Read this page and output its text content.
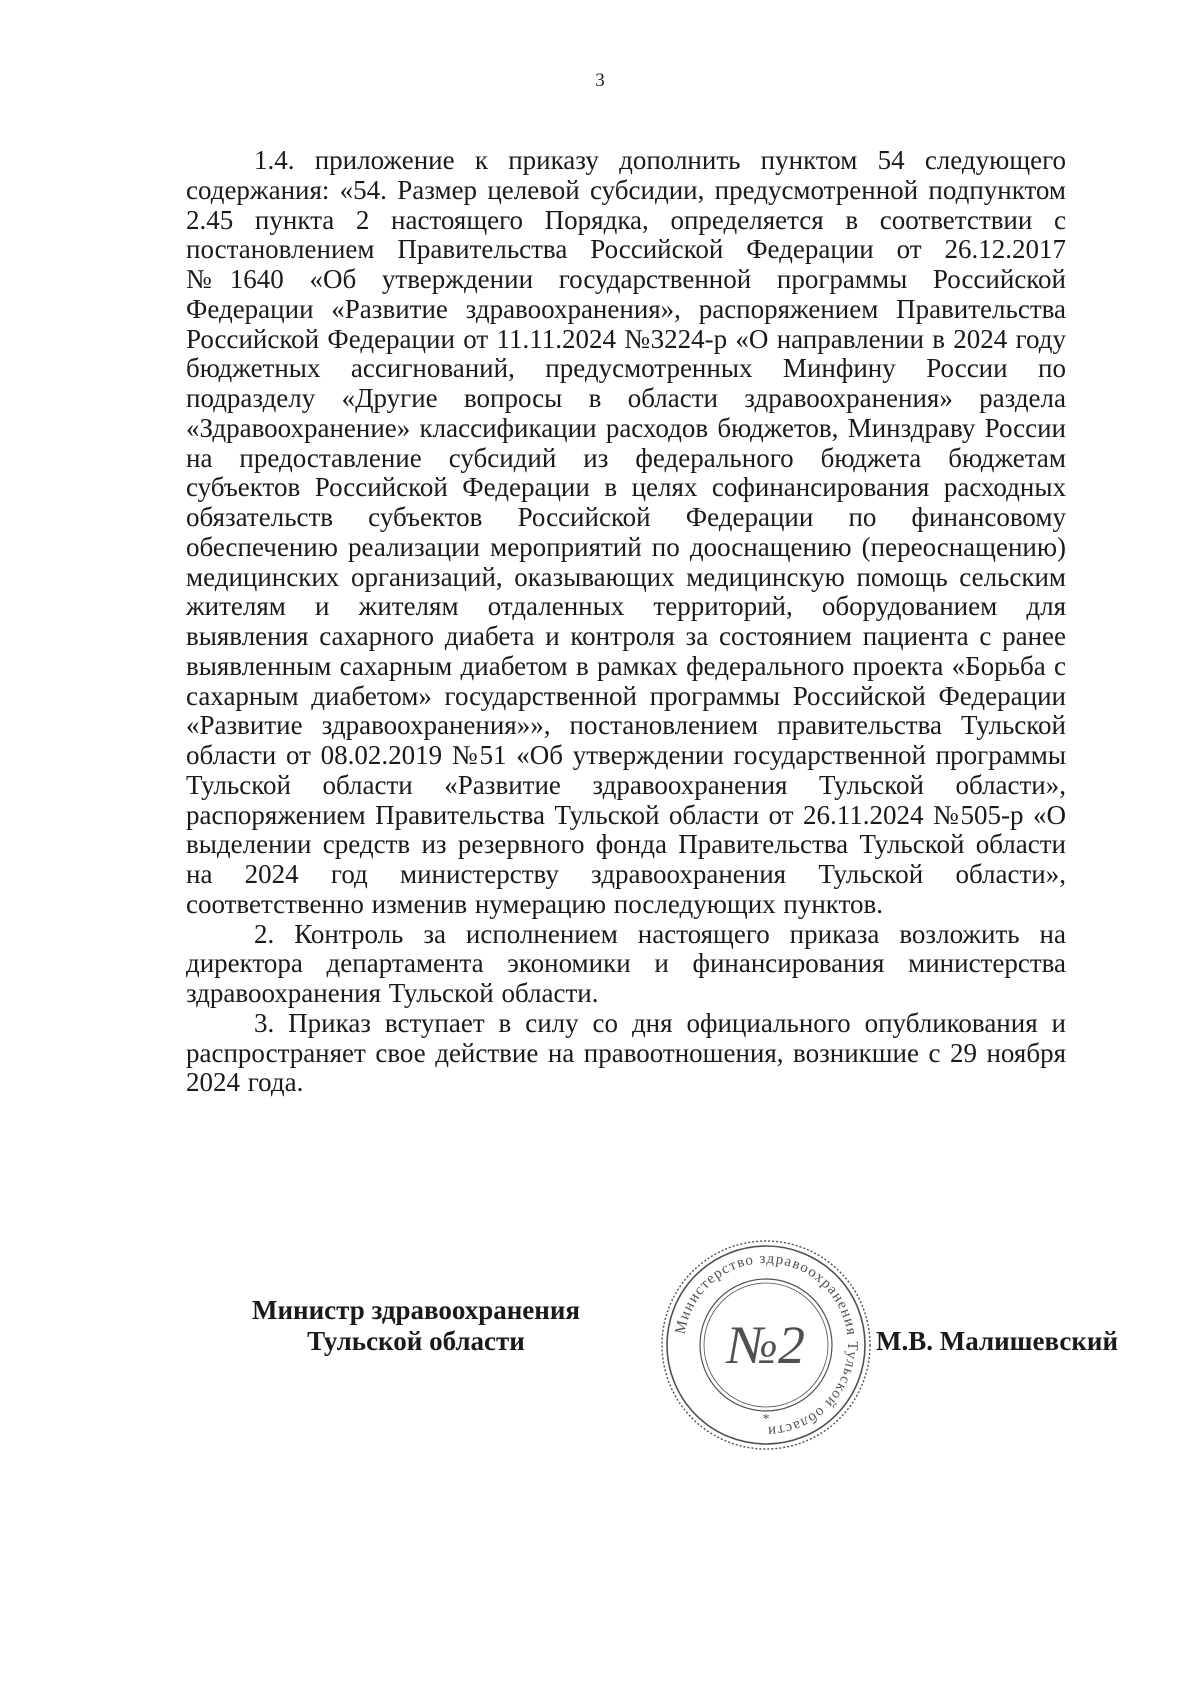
3

1.4. приложение к приказу дополнить пунктом 54 следующего содержания: «54. Размер целевой субсидии, предусмотренной подпунктом 2.45 пункта 2 настоящего Порядка, определяется в соответствии с постановлением Правительства Российской Федерации от 26.12.2017 №1640 «Об утверждении государственной программы Российской Федерации «Развитие здравоохранения», распоряжением Правительства Российской Федерации от 11.11.2024 №3224-р «О направлении в 2024 году бюджетных ассигнований, предусмотренных Минфину России по подразделу «Другие вопросы в области здравоохранения» раздела «Здравоохранение» классификации расходов бюджетов, Минздраву России на предоставление субсидий из федерального бюджета бюджетам субъектов Российской Федерации в целях софинансирования расходных обязательств субъектов Российской Федерации по финансовому обеспечению реализации мероприятий по дооснащению (переоснащению) медицинских организаций, оказывающих медицинскую помощь сельским жителям и жителям отдаленных территорий, оборудованием для выявления сахарного диабета и контроля за состоянием пациента с ранее выявленным сахарным диабетом в рамках федерального проекта «Борьба с сахарным диабетом» государственной программы Российской Федерации «Развитие здравоохранения»», постановлением правительства Тульской области от 08.02.2019 №51 «Об утверждении государственной программы Тульской области «Развитие здравоохранения Тульской области», распоряжением Правительства Тульской области от 26.11.2024 №505-р «О выделении средств из резервного фонда Правительства Тульской области на 2024 год министерству здравоохранения Тульской области», соответственно изменив нумерацию последующих пунктов.

2. Контроль за исполнением настоящего приказа возложить на директора департамента экономики и финансирования министерства здравоохранения Тульской области.

3. Приказ вступает в силу со дня официального опубликования и распространяет свое действие на правоотношения, возникшие с 29 ноября 2024 года.

Министр здравоохранения
Тульской области	Министерство здравоохранения Тульской области
№2
*
М.В. Малишевский
